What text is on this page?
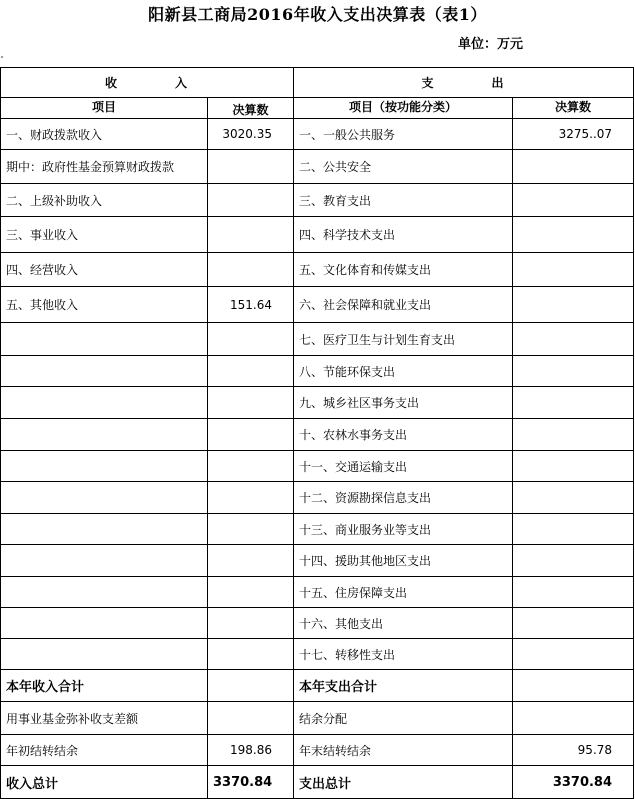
阳新县工商局2016年收入支出决算表（表1）
单位：万元
收　　　　入		支　　　　出	

项目	决算数	项目（按功能分类）	决算数

一、财政拨款收入	3020.35	一、一般公共服务	3275..07
期中：政府性基金预算财政拨款		二、公共安全	
二、上级补助收入		三、教育支出	
三、事业收入		四、科学技术支出	
四、经营收入		五、文化体育和传媒支出	
五、其他收入	151.64	六、社会保障和就业支出	
		七、医疗卫生与计划生育支出	
		八、节能环保支出	
		九、城乡社区事务支出	
		十、农林水事务支出	
		十一、交通运输支出	
		十二、资源勘探信息支出	
		十三、商业服务业等支出	
		十四、援助其他地区支出	
		十五、住房保障支出	
		十六、其他支出	
		十七、转移性支出	
本年收入合计		本年支出合计	
用事业基金弥补收支差额		结余分配	
年初结转结余	198.86	年末结转结余	95.78
收入总计	3370.84	支出总计	3370.84
